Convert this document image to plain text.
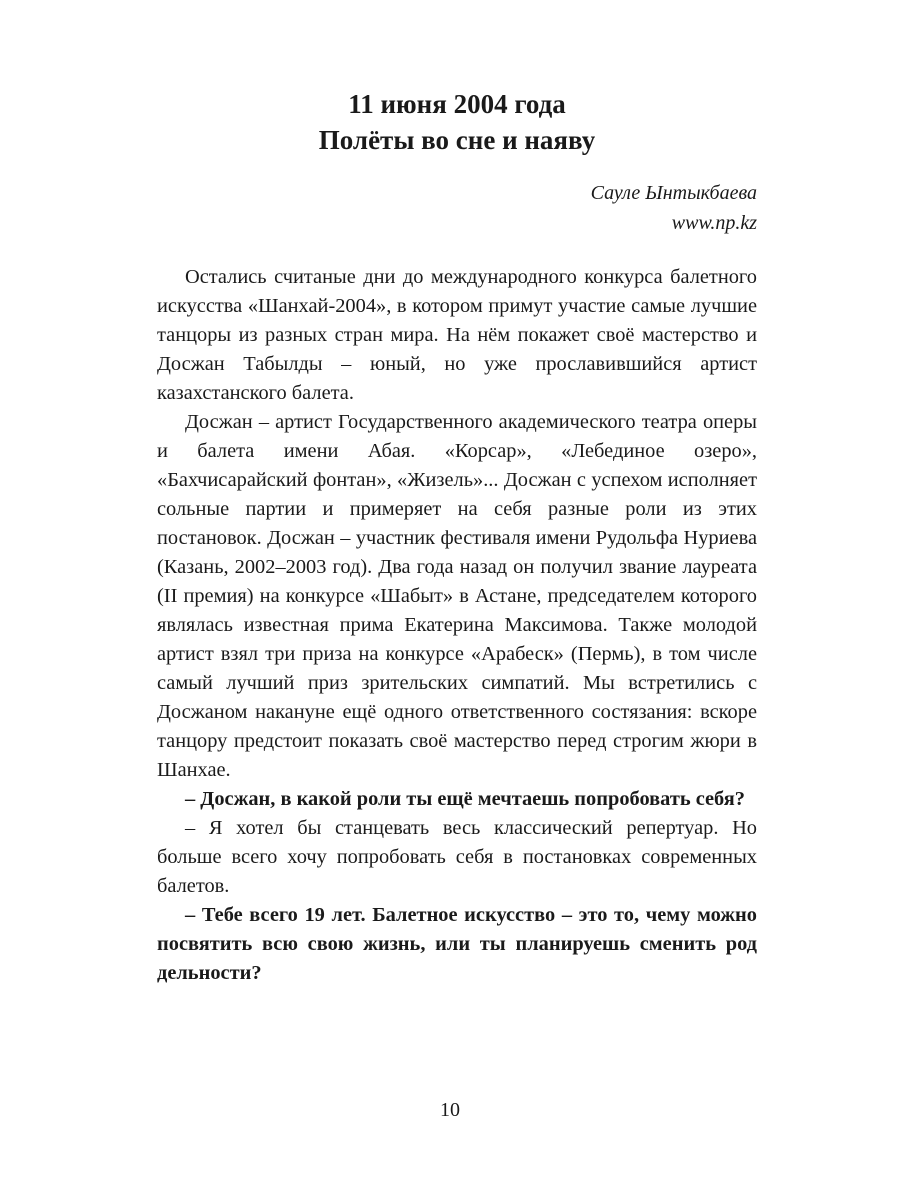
11 июня 2004 года
Полёты во сне и наяву
Сауле Ынтыкбаева
www.np.kz

Остались считаные дни до международного конкурса балетного искусства «Шанхай-2004», в котором примут участие самые лучшие танцоры из разных стран мира. На нём покажет своё мастерство и Досжан Табылды – юный, но уже прославившийся артист казахстанского балета.

Досжан – артист Государственного академического театра оперы и балета имени Абая. «Корсар», «Лебединое озеро», «Бахчисарайский фонтан», «Жизель»... Досжан с успехом исполняет сольные партии и примеряет на себя разные роли из этих постановок. Досжан – участник фестиваля имени Рудольфа Нуриева (Казань, 2002–2003 год). Два года назад он получил звание лауреата (II премия) на конкурсе «Шабыт» в Астане, председателем которого являлась известная прима Екатерина Максимова. Также молодой артист взял три приза на конкурсе «Арабеск» (Пермь), в том числе самый лучший приз зрительских симпатий. Мы встретились с Досжаном накануне ещё одного ответственного состязания: вскоре танцору предстоит показать своё мастерство перед строгим жюри в Шанхае.

– Досжан, в какой роли ты ещё мечтаешь попробовать себя?

– Я хотел бы станцевать весь классический репертуар. Но больше всего хочу попробовать себя в постановках современных балетов.

– Тебе всего 19 лет. Балетное искусство – это то, чему можно посвятить всю свою жизнь, или ты планируешь сменить род дельности?

10
